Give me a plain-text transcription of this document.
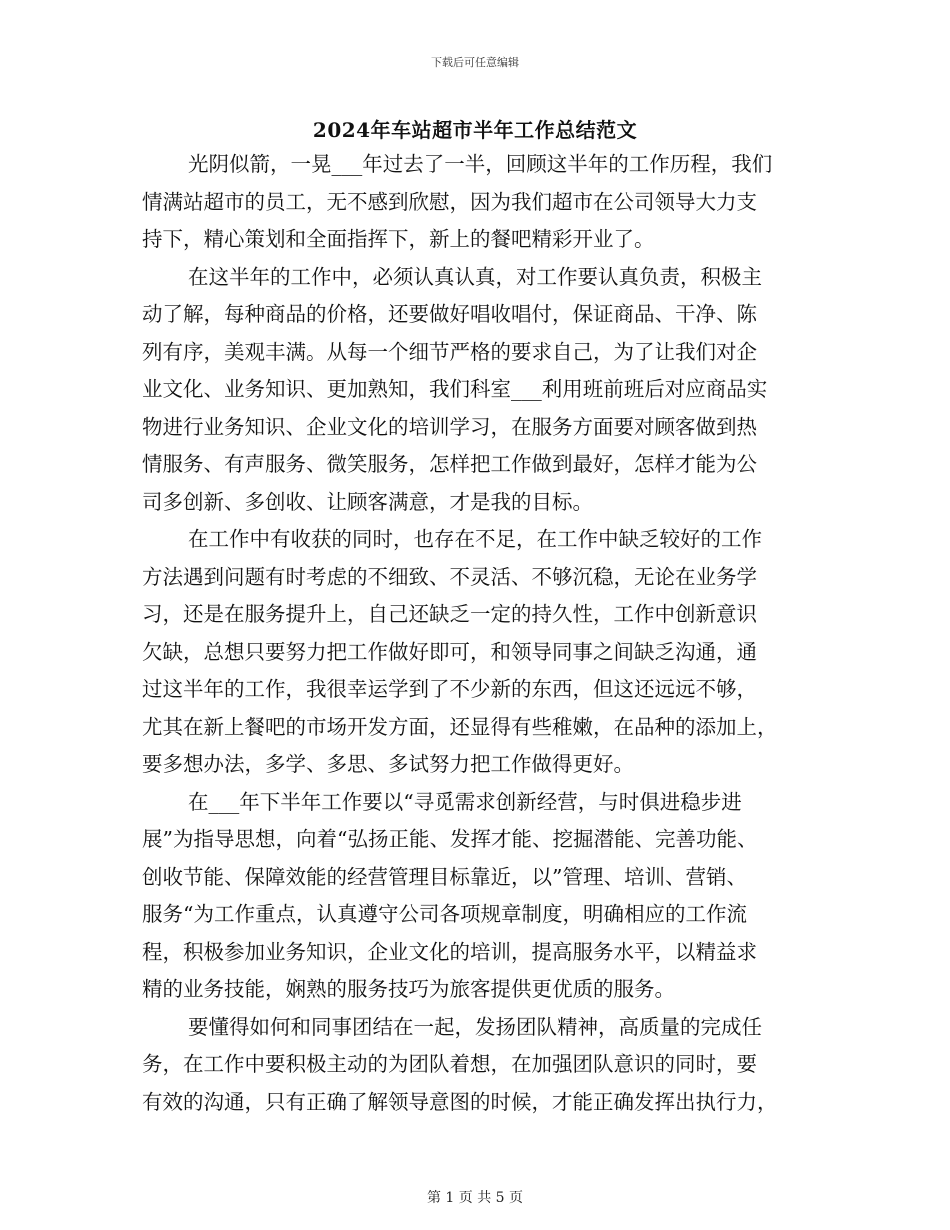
下载后可任意编辑
2024年车站超市半年工作总结范文
光阴似箭，一晃___年过去了一半，回顾这半年的工作历程，我们
情满站超市的员工，无不感到欣慰，因为我们超市在公司领导大力支
持下，精心策划和全面指挥下，新上的餐吧精彩开业了。
在这半年的工作中，必须认真认真，对工作要认真负责，积极主
动了解，每种商品的价格，还要做好唱收唱付，保证商品、干净、陈
列有序，美观丰满。从每一个细节严格的要求自己，为了让我们对企
业文化、业务知识、更加熟知，我们科室___利用班前班后对应商品实
物进行业务知识、企业文化的培训学习，在服务方面要对顾客做到热
情服务、有声服务、微笑服务，怎样把工作做到最好，怎样才能为公
司多创新、多创收、让顾客满意，才是我的目标。
在工作中有收获的同时，也存在不足，在工作中缺乏较好的工作
方法遇到问题有时考虑的不细致、不灵活、不够沉稳，无论在业务学
习，还是在服务提升上，自己还缺乏一定的持久性，工作中创新意识
欠缺，总想只要努力把工作做好即可，和领导同事之间缺乏沟通，通
过这半年的工作，我很幸运学到了不少新的东西，但这还远远不够，
尤其在新上餐吧的市场开发方面，还显得有些稚嫩，在品种的添加上，
要多想办法，多学、多思、多试努力把工作做得更好。
在___年下半年工作要以“寻觅需求创新经营，与时俱进稳步进
展”为指导思想，向着“弘扬正能、发挥才能、挖掘潜能、完善功能、
创收节能、保障效能的经营管理目标靠近，以”管理、培训、营销、
服务“为工作重点，认真遵守公司各项规章制度，明确相应的工作流
程，积极参加业务知识，企业文化的培训，提高服务水平，以精益求
精的业务技能，娴熟的服务技巧为旅客提供更优质的服务。
要懂得如何和同事团结在一起，发扬团队精神，高质量的完成任
务，在工作中要积极主动的为团队着想，在加强团队意识的同时，要
有效的沟通，只有正确了解领导意图的时候，才能正确发挥出执行力，
第 1 页 共 5 页
